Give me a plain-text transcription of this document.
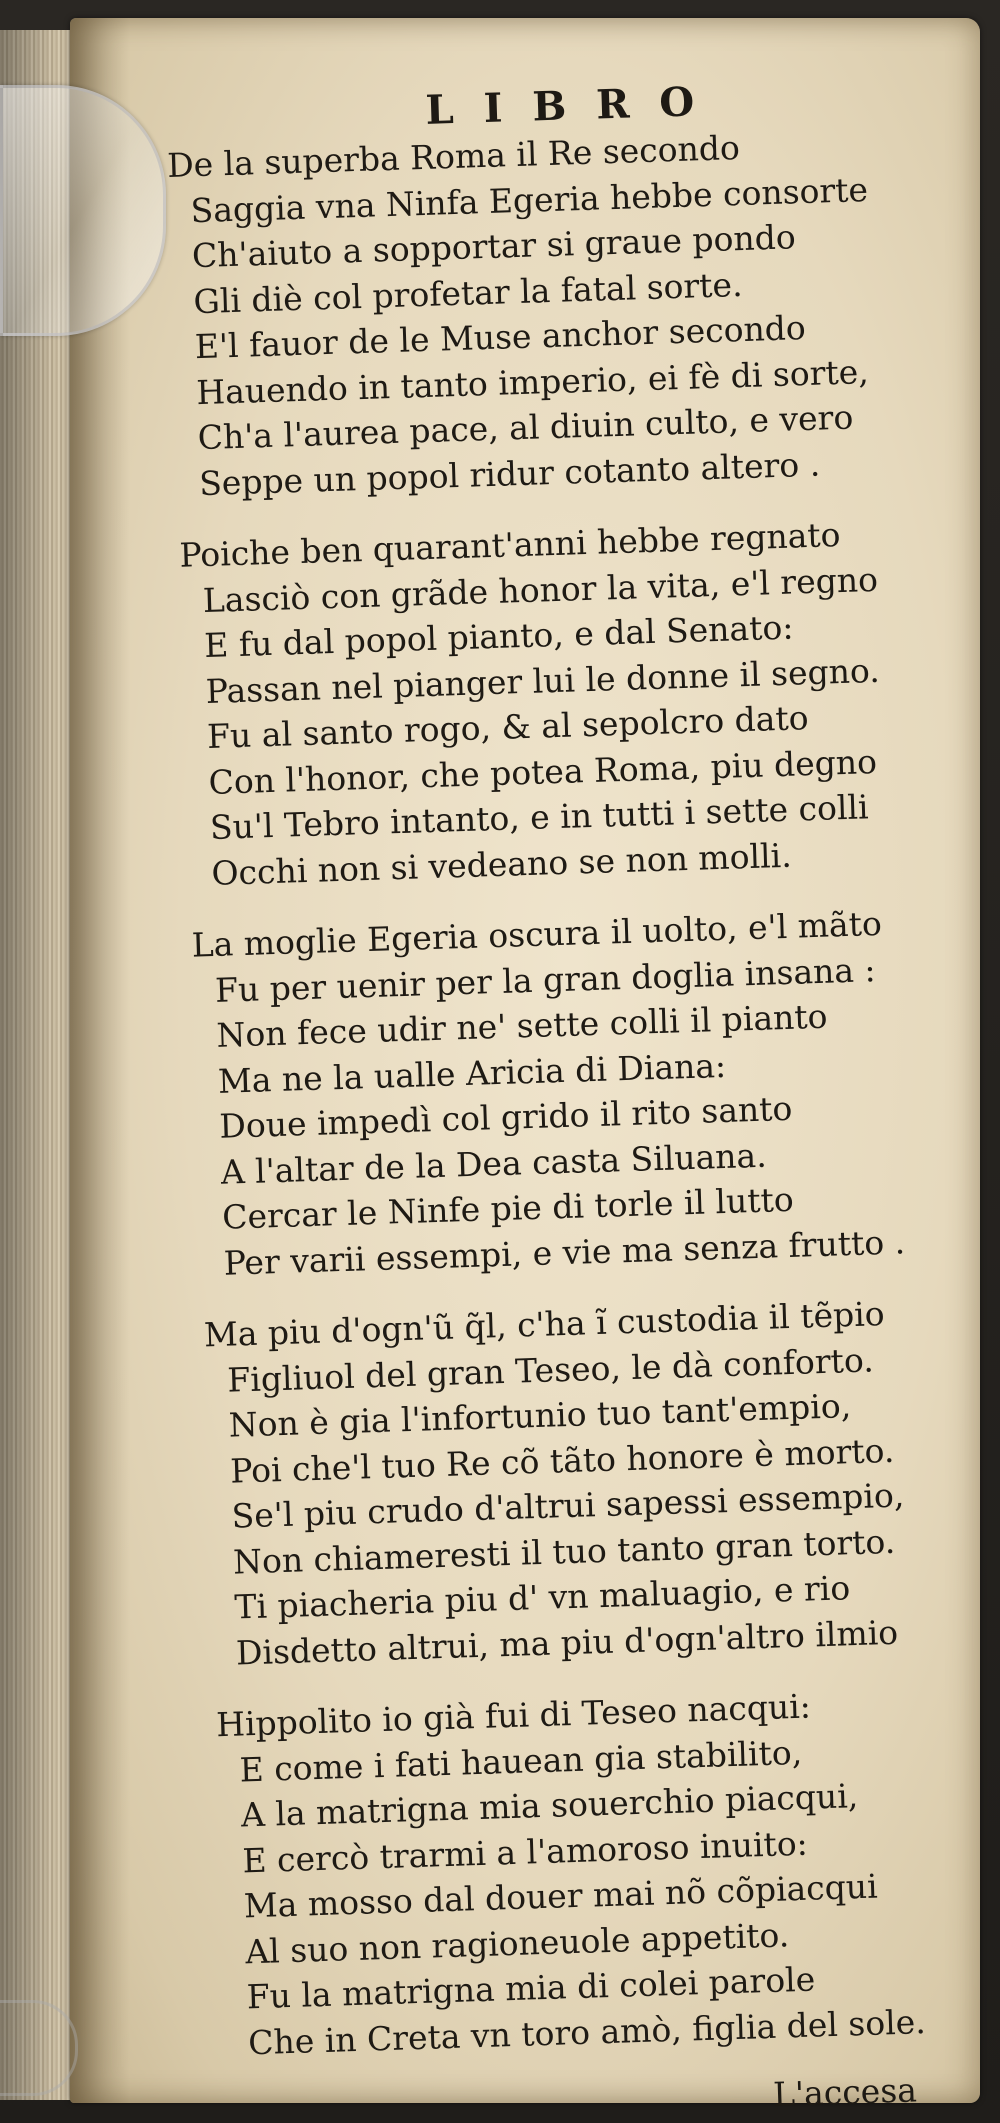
LIBRO
De la superba Roma il Re secondo
Saggia vna Ninfa Egeria hebbe consorte
Ch'aiuto a sopportar si graue pondo
Gli diè col profetar la fatal sorte.
E'l fauor de le Muse anchor secondo
Hauendo in tanto imperio, ei fè di sorte,
Ch'a l'aurea pace, al diuin culto, e vero
Seppe un popol ridur cotanto altero .
Poiche ben quarant'anni hebbe regnato
Lasciò con grãde honor la vita, e'l regno
E fu dal popol pianto, e dal Senato:
Passan nel pianger lui le donne il segno.
Fu al santo rogo, & al sepolcro dato
Con l'honor, che potea Roma, piu degno
Su'l Tebro intanto, e in tutti i sette colli
Occhi non si vedeano se non molli.
La moglie Egeria oscura il uolto, e'l mãto
Fu per uenir per la gran doglia insana :
Non fece udir ne' sette colli il pianto
Ma ne la ualle Aricia di Diana:
Doue impedì col grido il rito santo
A l'altar de la Dea casta Siluana.
Cercar le Ninfe pie di torle il lutto
Per varii essempi, e vie ma senza frutto .
Ma piu d'ogn'ũ q̃l, c'ha ĩ custodia il tẽpio
Figliuol del gran Teseo, le dà conforto.
Non è gia l'infortunio tuo tant'empio,
Poi che'l tuo Re cõ tãto honore è morto.
Se'l piu crudo d'altrui sapessi essempio,
Non chiameresti il tuo tanto gran torto.
Ti piacheria piu d' vn maluagio, e rio
Disdetto altrui, ma piu d'ogn'altro ilmio
Hippolito io già fui di Teseo nacqui:
E come i fati hauean gia stabilito,
A la matrigna mia souerchio piacqui,
E cercò trarmi a l'amoroso inuito:
Ma mosso dal douer mai nõ cõpiacqui
Al suo non ragioneuole appetito.
Fu la matrigna mia di colei parole
Che in Creta vn toro amò, figlia del sole.
L'accesa
